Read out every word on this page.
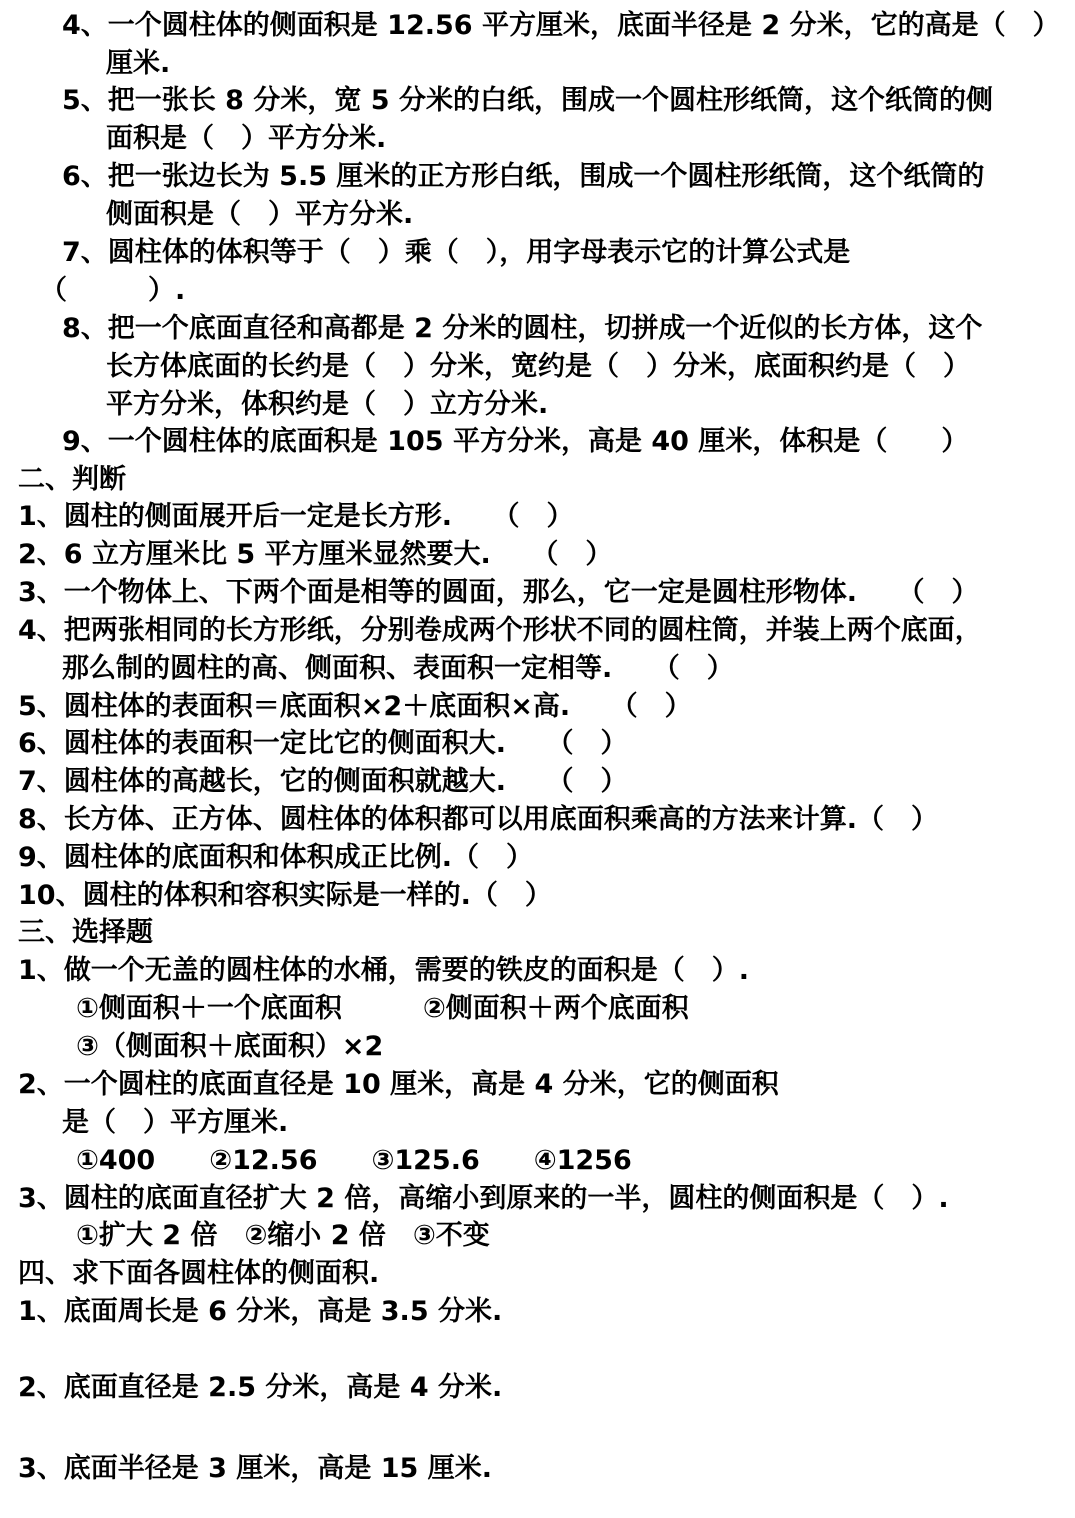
4、一个圆柱体的侧面积是 12.56 平方厘米，底面半径是 2 分米，它的高是（　）
厘米.
5、把一张长 8 分米，宽 5 分米的白纸，围成一个圆柱形纸筒，这个纸筒的侧
面积是（　）平方分米.
6、把一张边长为 5.5 厘米的正方形白纸，围成一个圆柱形纸筒，这个纸筒的
侧面积是（　）平方分米.
7、圆柱体的体积等于（　）乘（　），用字母表示它的计算公式是
（　　　）.
8、把一个底面直径和高都是 2 分米的圆柱，切拼成一个近似的长方体，这个
长方体底面的长约是（　）分米，宽约是（　）分米，底面积约是（　）
平方分米，体积约是（　）立方分米.
9、一个圆柱体的底面积是 105 平方分米，高是 40 厘米，体积是（　　）
二、判断
1、圆柱的侧面展开后一定是长方形.　　（　）
2、6 立方厘米比 5 平方厘米显然要大.　　（　）
3、一个物体上、下两个面是相等的圆面，那么，它一定是圆柱形物体.　　（　）
4、把两张相同的长方形纸，分别卷成两个形状不同的圆柱筒，并装上两个底面，
那么制的圆柱的高、侧面积、表面积一定相等.　　（　）
5、圆柱体的表面积＝底面积×2＋底面积×高.　　（　）
6、圆柱体的表面积一定比它的侧面积大.　　（　）
7、圆柱体的高越长，它的侧面积就越大.　　（　）
8、长方体、正方体、圆柱体的体积都可以用底面积乘高的方法来计算.（　）
9、圆柱体的底面积和体积成正比例.（　）
10、圆柱的体积和容积实际是一样的.（　）
三、选择题
1、做一个无盖的圆柱体的水桶，需要的铁皮的面积是（　）.
①侧面积＋一个底面积　　　②侧面积＋两个底面积
③（侧面积＋底面积）×2
2、一个圆柱的底面直径是 10 厘米，高是 4 分米，它的侧面积
是（　）平方厘米.
①400　　②12.56　　③125.6　　④1256
3、圆柱的底面直径扩大 2 倍，高缩小到原来的一半，圆柱的侧面积是（　）.
①扩大 2 倍　②缩小 2 倍　③不变
四、求下面各圆柱体的侧面积.
1、底面周长是 6 分米，高是 3.5 分米.
2、底面直径是 2.5 分米，高是 4 分米.
3、底面半径是 3 厘米，高是 15 厘米.
